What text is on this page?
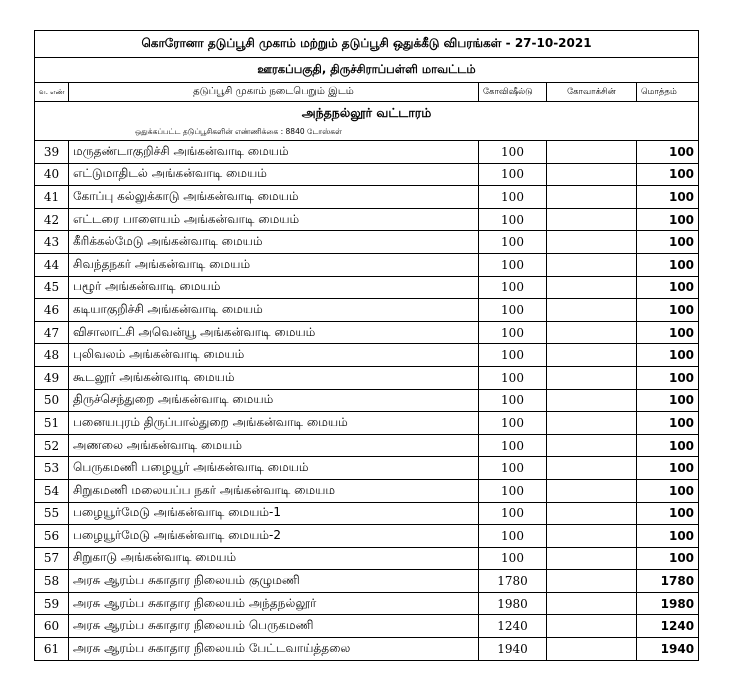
கொரோனா தடுப்பூசி முகாம் மற்றும் தடுப்பூசி ஒதுக்கீடு விபரங்கள் - 27-10-2021				
ஊரகப்பகுதி, திருச்சிராப்பள்ளி மாவட்டம்				
வ. எண்	தடுப்பூசி முகாம் நடைபெறும் இடம்	கோவிஷீல்டு	கோவாக்சின்	மொத்தம்
அந்தநல்லூர் வட்டாரம்				
ஒதுக்கப்பட்ட தடுப்பூசிகளின் எண்ணிக்கை : 8840 டோஸ்கள்				
39	மருதண்டாகுறிச்சி அங்கன்வாடி மையம்	100		100
40	எட்டுமாதிடல் அங்கன்வாடி மையம்	100		100
41	கோப்பு கல்லுக்காடு அங்கன்வாடி மையம்	100		100
42	எட்டரை பாளையம் அங்கன்வாடி மையம்	100		100
43	கீரிக்கல்மேடு அங்கன்வாடி மையம்	100		100
44	சிவந்தநகர் அங்கன்வாடி மையம்	100		100
45	பழூர் அங்கன்வாடி மையம்	100		100
46	கடியாகுறிச்சி அங்கன்வாடி மையம்	100		100
47	விசாலாட்சி அவென்யூ அங்கன்வாடி மையம்	100		100
48	புலிவலம் அங்கன்வாடி மையம்	100		100
49	கூடலூர் அங்கன்வாடி மையம்	100		100
50	திருச்செந்துறை அங்கன்வாடி மையம்	100		100
51	பனையபுரம் திருப்பால்துறை அங்கன்வாடி மையம்	100		100
52	அணலை அங்கன்வாடி மையம்	100		100
53	பெருகமணி பழையூர் அங்கன்வாடி மையம்	100		100
54	சிறுகமணி மலையப்ப நகர் அங்கன்வாடி மையம	100		100
55	பழையூர்மேடு அங்கன்வாடி மையம்-1	100		100
56	பழையூர்மேடு அங்கன்வாடி மையம்-2	100		100
57	சிறுகாடு அங்கன்வாடி மையம்	100		100
58	அரசு ஆரம்ப சுகாதார நிலையம் குழுமணி	1780		1780
59	அரசு ஆரம்ப சுகாதார நிலையம் அந்தநல்லூர்	1980		1980
60	அரசு ஆரம்ப சுகாதார நிலையம் பெருகமணி	1240		1240
61	அரசு ஆரம்ப சுகாதார நிலையம் பேட்டவாய்த்தலை	1940		1940
